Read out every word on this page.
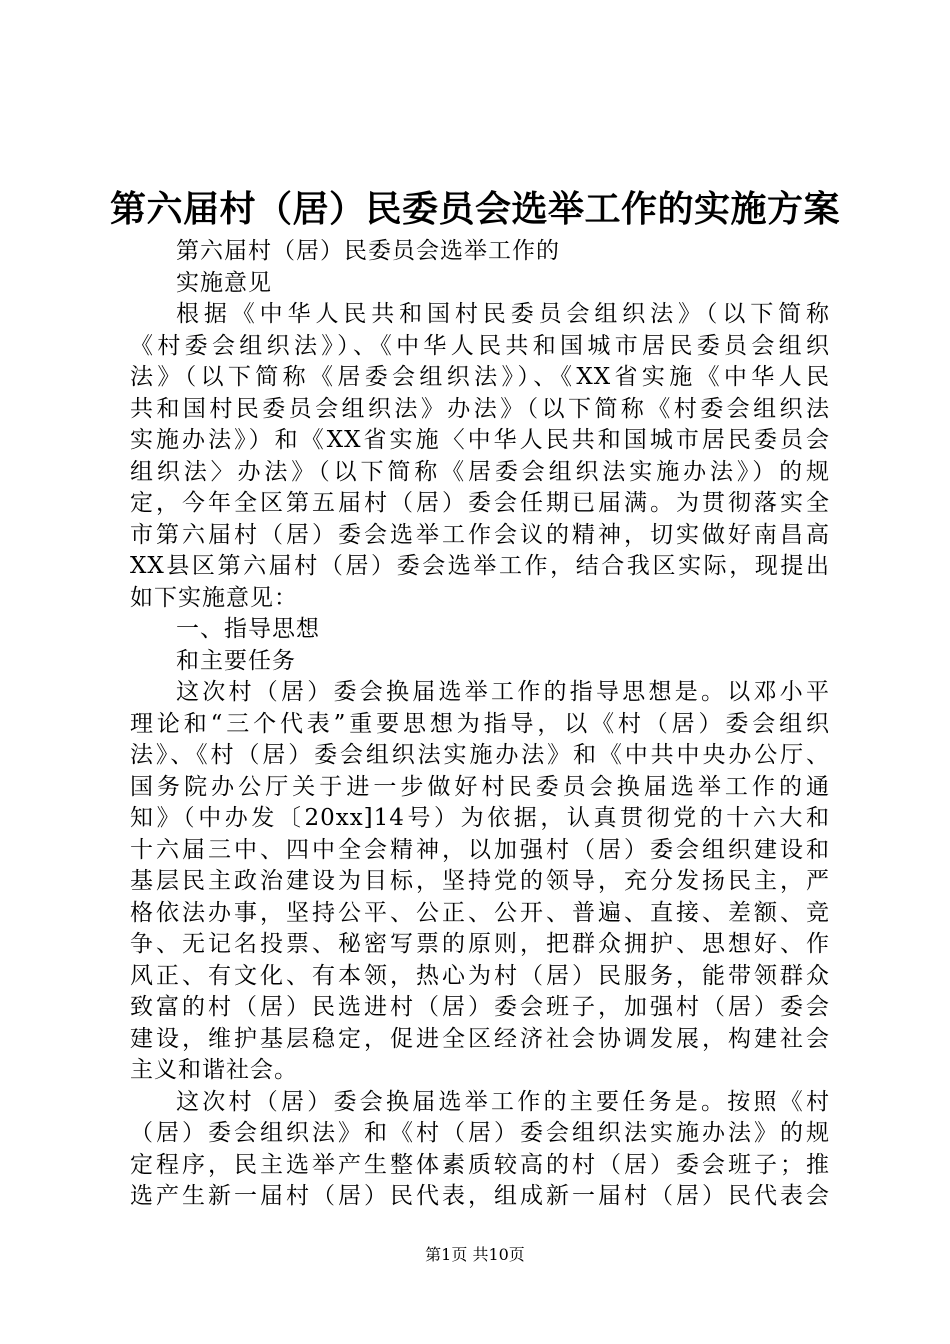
第六届村（居）民委员会选举工作的实施方案
第六届村（居）民委员会选举工作的
实施意见
根据《中华人民共和国村民委员会组织法》（以下简称
《村委会组织法》）、《中华人民共和国城市居民委员会组织
法》（以下简称《居委会组织法》）、《XX省实施《中华人民
共和国村民委员会组织法》办法》（以下简称《村委会组织法
实施办法》）和《XX省实施〈中华人民共和国城市居民委员会
组织法〉办法》（以下简称《居委会组织法实施办法》）的规
定，今年全区第五届村（居）委会任期已届满。为贯彻落实全
市第六届村（居）委会选举工作会议的精神，切实做好南昌高
XX县区第六届村（居）委会选举工作，结合我区实际，现提出
如下实施意见：
一、指导思想
和主要任务
这次村（居）委会换届选举工作的指导思想是。以邓小平
理论和“三个代表”重要思想为指导，以《村（居）委会组织
法》、《村（居）委会组织法实施办法》和《中共中央办公厅、
国务院办公厅关于进一步做好村民委员会换届选举工作的通
知》（中办发〔20xx]14号）为依据，认真贯彻党的十六大和
十六届三中、四中全会精神，以加强村（居）委会组织建设和
基层民主政治建设为目标，坚持党的领导，充分发扬民主，严
格依法办事，坚持公平、公正、公开、普遍、直接、差额、竞
争、无记名投票、秘密写票的原则，把群众拥护、思想好、作
风正、有文化、有本领，热心为村（居）民服务，能带领群众
致富的村（居）民选进村（居）委会班子，加强村（居）委会
建设，维护基层稳定，促进全区经济社会协调发展，构建社会
主义和谐社会。
这次村（居）委会换届选举工作的主要任务是。按照《村
（居）委会组织法》和《村（居）委会组织法实施办法》的规
定程序，民主选举产生整体素质较高的村（居）委会班子；推
选产生新一届村（居）民代表，组成新一届村（居）民代表会
第1页 共10页
